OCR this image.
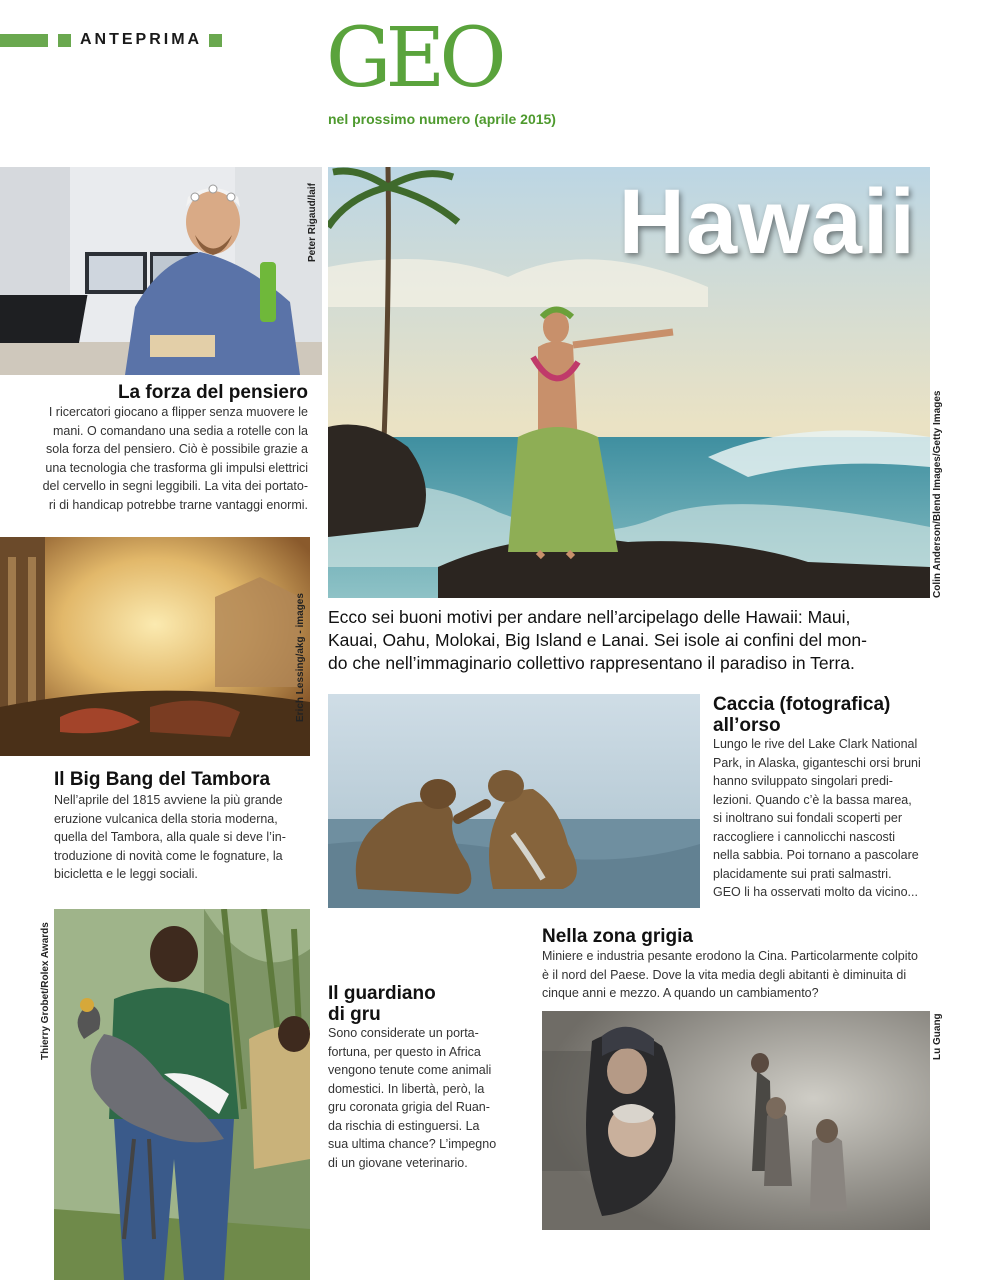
ANTEPRIMA GEO
nel prossimo numero (aprile 2015)
Peter Rigaud/laif
La forza del pensiero
I ricercatori giocano a flipper senza muovere le
mani. O comandano una sedia a rotelle con la
sola forza del pensiero. Ciò è possibile grazie a
una tecnologia che trasforma gli impulsi elettrici
del cervello in segni leggibili. La vita dei portato-
ri di handicap potrebbe trarne vantaggi enormi.
Erich Lessing/akg - images
Il Big Bang del Tambora
Nell’aprile del 1815 avviene la più grande
eruzione vulcanica della storia moderna,
quella del Tambora, alla quale si deve l’in-
troduzione di novità come le fognature, la
bicicletta e le leggi sociali.
Hawaii
Colin Anderson/Blend Images/Getty Images
Ecco sei buoni motivi per andare nell’arcipelago delle Hawaii: Maui,
Kauai, Oahu, Molokai, Big Island e Lanai. Sei isole ai confini del mon-
do che nell’immaginario collettivo rappresentano il paradiso in Terra.
Caccia (fotografica)
all’orso
Lungo le rive del Lake Clark National
Park, in Alaska, giganteschi orsi bruni
hanno sviluppato singolari predi-
lezioni. Quando c’è la bassa marea,
si inoltrano sui fondali scoperti per
raccogliere i cannolicchi nascosti
nella sabbia. Poi tornano a pascolare
placidamente sui prati salmastri.
GEO li ha osservati molto da vicino...
Thierry Grobet/Rolex Awards	Il guardiano
di gru
Sono considerate un porta-
fortuna, per questo in Africa
vengono tenute come animali
domestici. In libertà, però, la
gru coronata grigia del Ruan-
da rischia di estinguersi. La
sua ultima chance? L’impegno
di un giovane veterinario.
Nella zona grigia
Miniere e industria pesante erodono la Cina. Particolarmente colpito
è il nord del Paese. Dove la vita media degli abitanti è diminuita di
cinque anni e mezzo. A quando un cambiamento?
Lu Guang
